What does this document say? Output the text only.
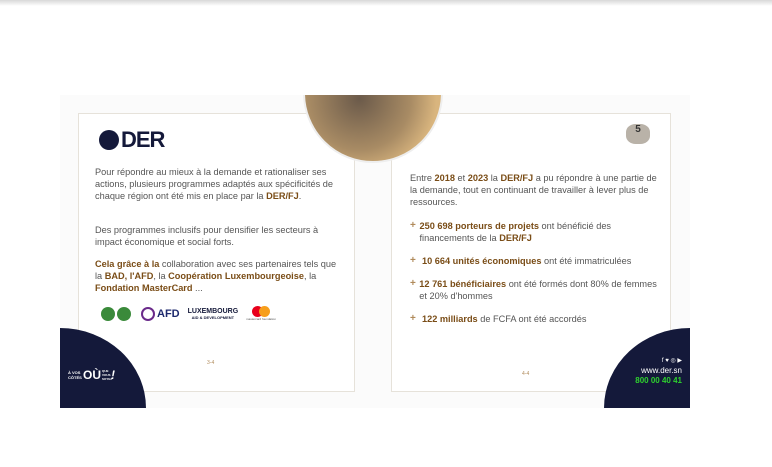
DER

Pour répondre au mieux à la demande et rationaliser ses actions, plusieurs programmes adaptés aux spécificités de chaque région ont été mis en place par la DER/FJ.

Des programmes inclusifs pour densifier les secteurs à impact économique et social forts.

Cela grâce à la collaboration avec ses partenaires tels que la BAD, l'AFD, la Coopération Luxembourgeoise, la Fondation MasterCard ...

AFD LUXEMBOURG
AID & DEVELOPMENT	mastercard foundation
3-4
5

Entre 2018 et 2023 la DER/FJ a pu répondre à une partie de la demande, tout en continuant de travailler à lever plus de ressources.

+ 250 698 porteurs de projets ont bénéficié des financements de la DER/FJ

+ 10 664 unités économiques ont été immatriculées

+ 12 761 bénéficiaires ont été formés dont 80% de femmes et 20% d'hommes

+ 122 milliards de FCFA ont été accordés

4-4
À VOS CÔTÉS OÙ QUE VOUS SOYEZ
!
f ♥ ◎ ▶
www.der.sn
800 00 40 41
